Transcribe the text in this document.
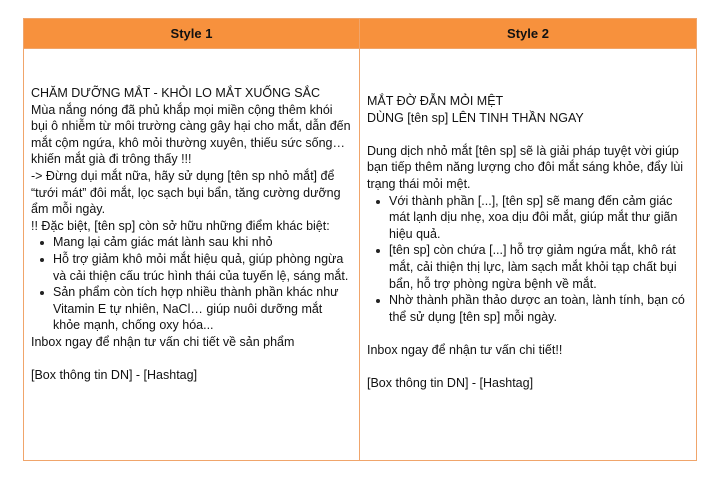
Style 1	Style 2
CHĂM DƯỠNG MẮT - KHỎI LO MẮT XUỐNG SẮC
Mùa nắng nóng đã phủ khắp mọi miền cộng thêm khói bụi ô nhiễm từ môi trường càng gây hại cho mắt, dẫn đến mắt cộm ngứa, khô mỏi thường xuyên, thiếu sức sống… khiến mắt già đi trông thấy !!!
-> Đừng dụi mắt nữa, hãy sử dụng [tên sp nhỏ mắt] để “tưới mát” đôi mắt, lọc sạch bụi bẩn, tăng cường dưỡng ẩm mỗi ngày.
!! Đặc biệt, [tên sp] còn sở hữu những điểm khác biệt:
Mang lại cảm giác mát lành sau khi nhỏ
Hỗ trợ giảm khô mỏi mắt hiệu quả, giúp phòng ngừa và cải thiện cấu trúc hình thái của tuyến lệ, sáng mắt.
Sản phẩm còn tích hợp nhiều thành phần khác như Vitamin E tự nhiên, NaCl… giúp nuôi dưỡng mắt khỏe mạnh, chống oxy hóa...
Inbox ngay để nhận tư vấn chi tiết về sản phẩm
[Box thông tin DN] - [Hashtag]
MẮT ĐỜ ĐẪN MỎI MỆT
DÙNG [tên sp] LÊN TINH THẦN NGAY
Dung dịch nhỏ mắt [tên sp] sẽ là giải pháp tuyệt vời giúp bạn tiếp thêm năng lượng cho đôi mắt sáng khỏe, đẩy lùi trạng thái mỏi mệt.
Với thành phần [...], [tên sp] sẽ mang đến cảm giác mát lạnh dịu nhẹ, xoa dịu đôi mắt, giúp mắt thư giãn hiệu quả.
[tên sp] còn chứa [...] hỗ trợ giảm ngứa mắt, khô rát mắt, cải thiện thị lực, làm sạch mắt khỏi tạp chất bụi bẩn, hỗ trợ phòng ngừa bệnh về mắt.
Nhờ thành phần thảo dược an toàn, lành tính, bạn có thể sử dụng [tên sp] mỗi ngày.
Inbox ngay để nhận tư vấn chi tiết!!
[Box thông tin DN] - [Hashtag]
